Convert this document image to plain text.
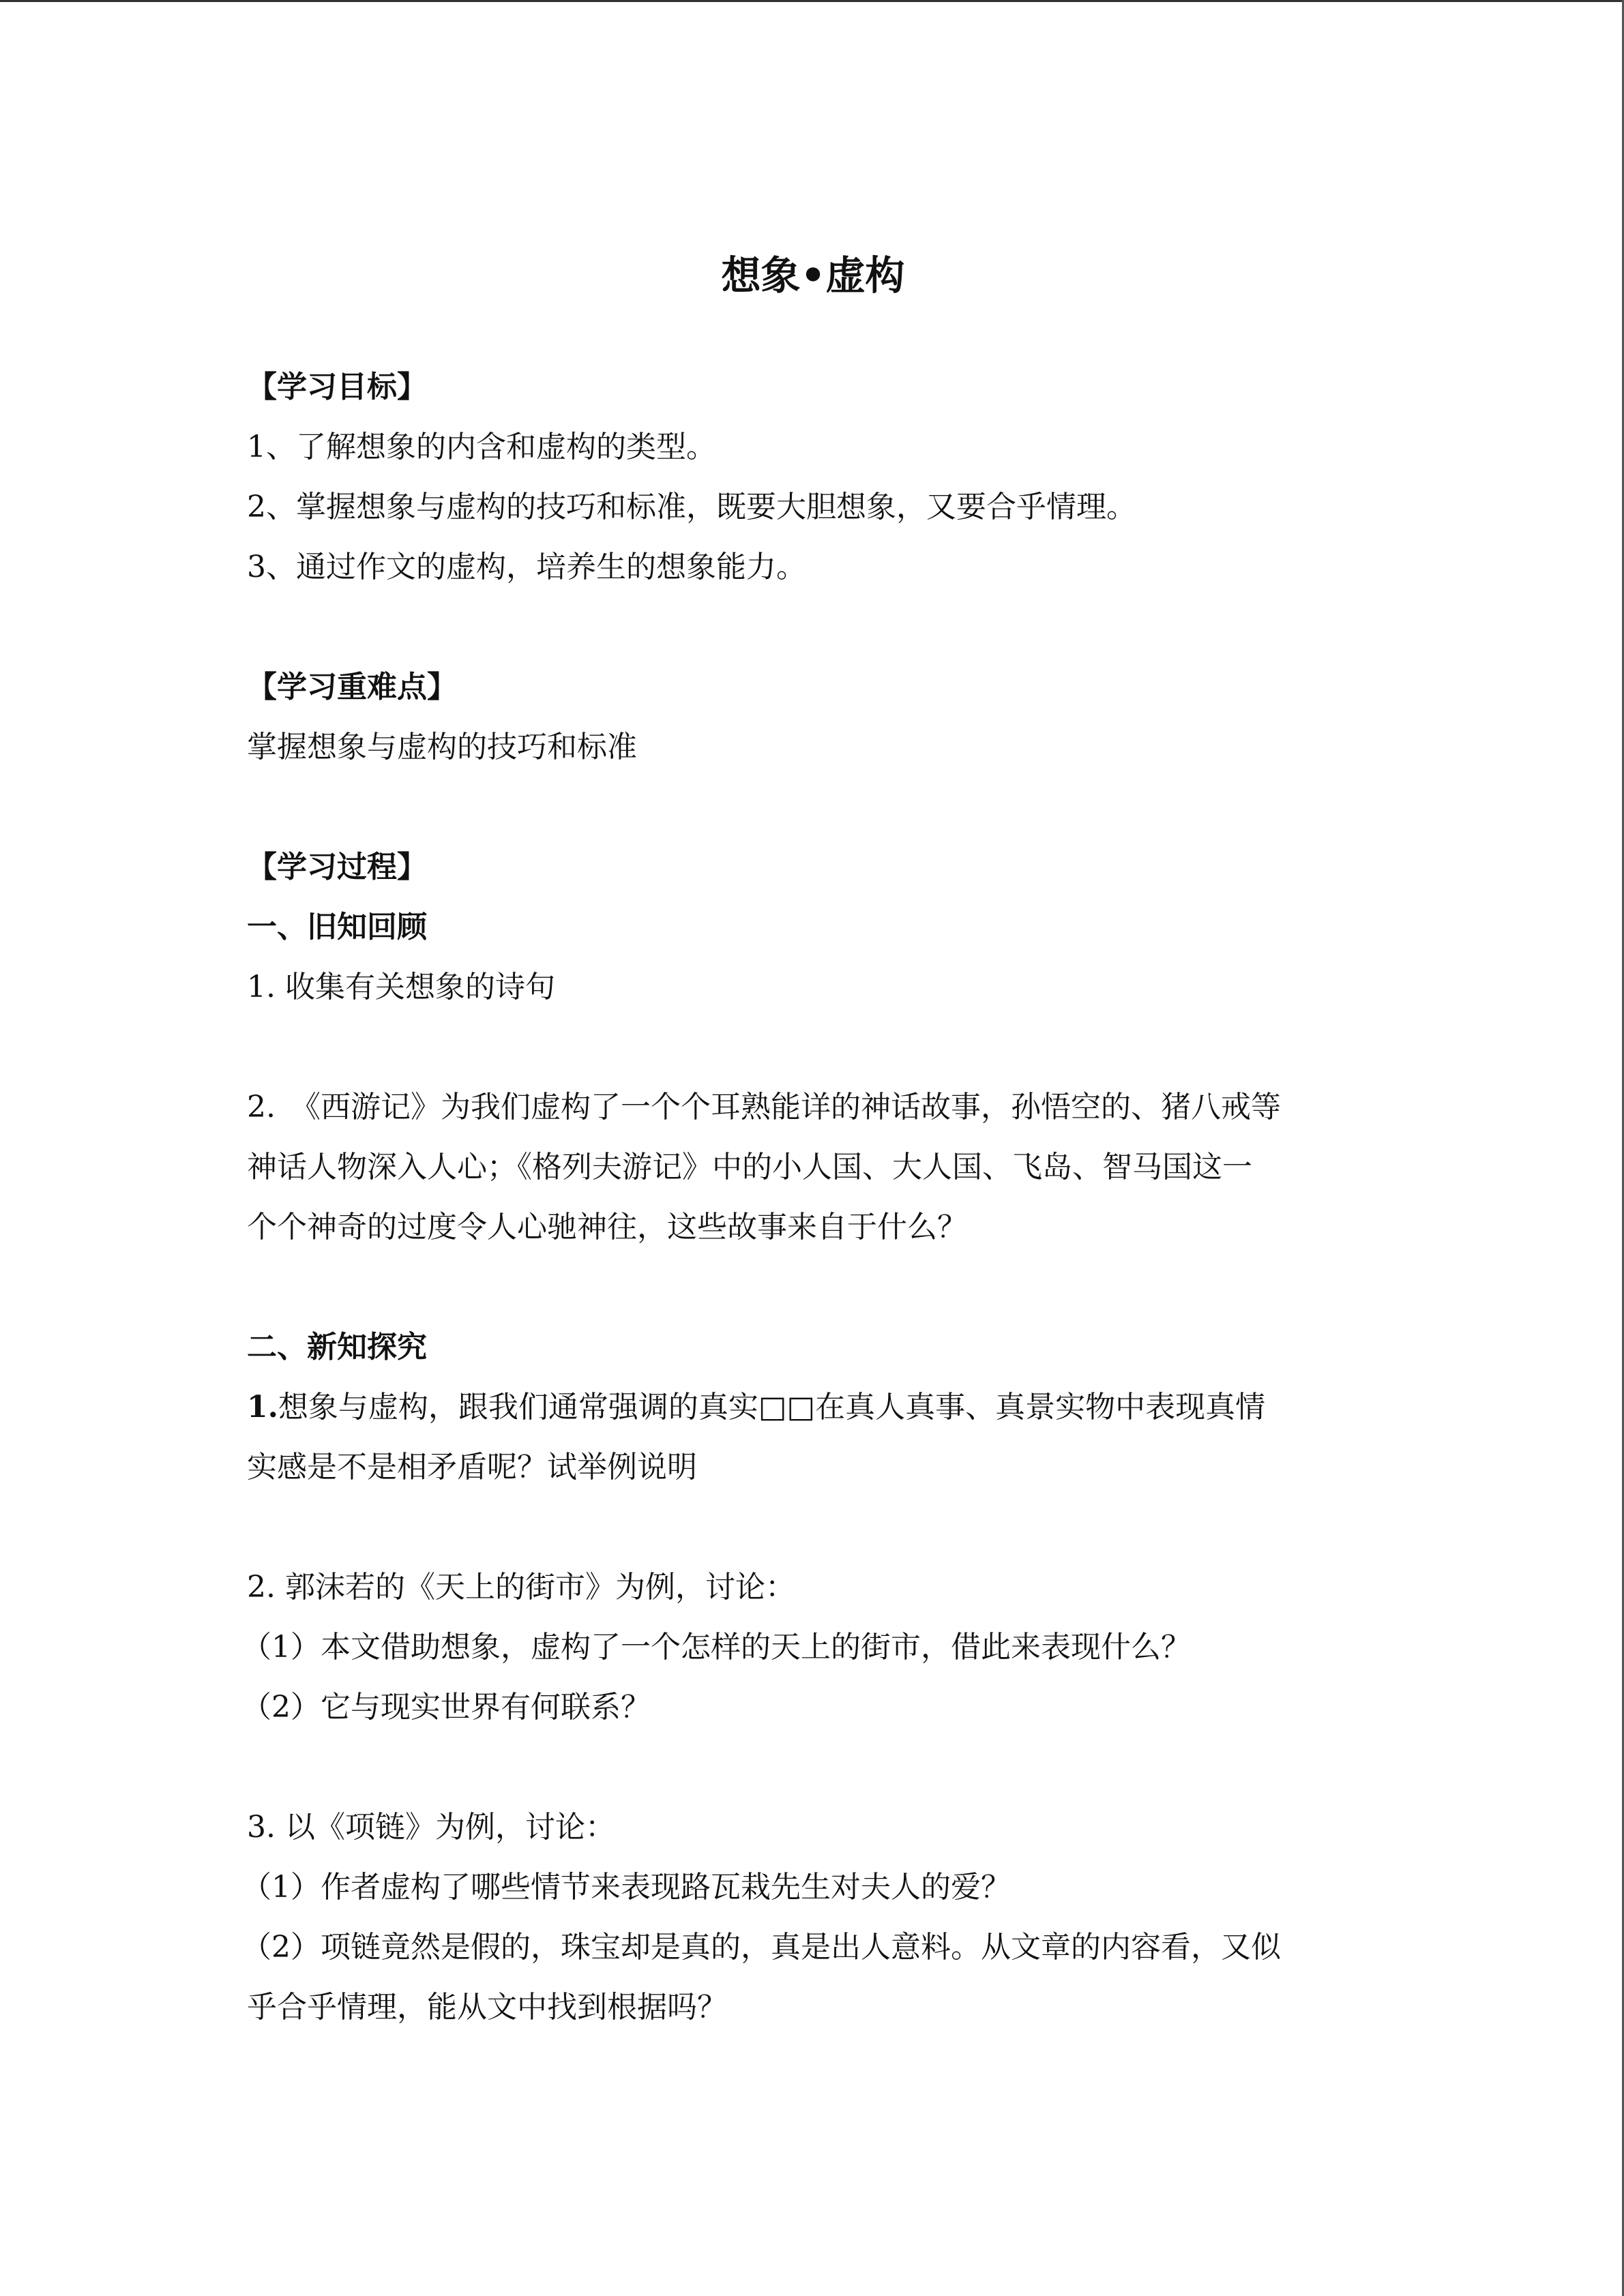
想象•虚构
【学习目标】
1、了解想象的内含和虚构的类型。
2、掌握想象与虚构的技巧和标准，既要大胆想象，又要合乎情理。
3、通过作文的虚构，培养生的想象能力。
【学习重难点】
掌握想象与虚构的技巧和标准
【学习过程】
一、旧知回顾
1. 收集有关想象的诗句
2.　《西游记》为我们虚构了一个个耳熟能详的神话故事，孙悟空的、猪八戒等
神话人物深入人心；《格列夫游记》中的小人国、大人国、飞岛、智马国这一
个个神奇的过度令人心驰神往，这些故事来自于什么？
二、新知探究
1.想象与虚构，跟我们通常强调的真实□□在真人真事、真景实物中表现真情
实感是不是相矛盾呢？试举例说明
2. 郭沫若的《天上的街市》为例，讨论：
（1）本文借助想象，虚构了一个怎样的天上的街市，借此来表现什么？
（2）它与现实世界有何联系？
3. 以《项链》为例，讨论：
（1）作者虚构了哪些情节来表现路瓦栽先生对夫人的爱？
（2）项链竟然是假的，珠宝却是真的，真是出人意料。从文章的内容看，又似
乎合乎情理，能从文中找到根据吗？
